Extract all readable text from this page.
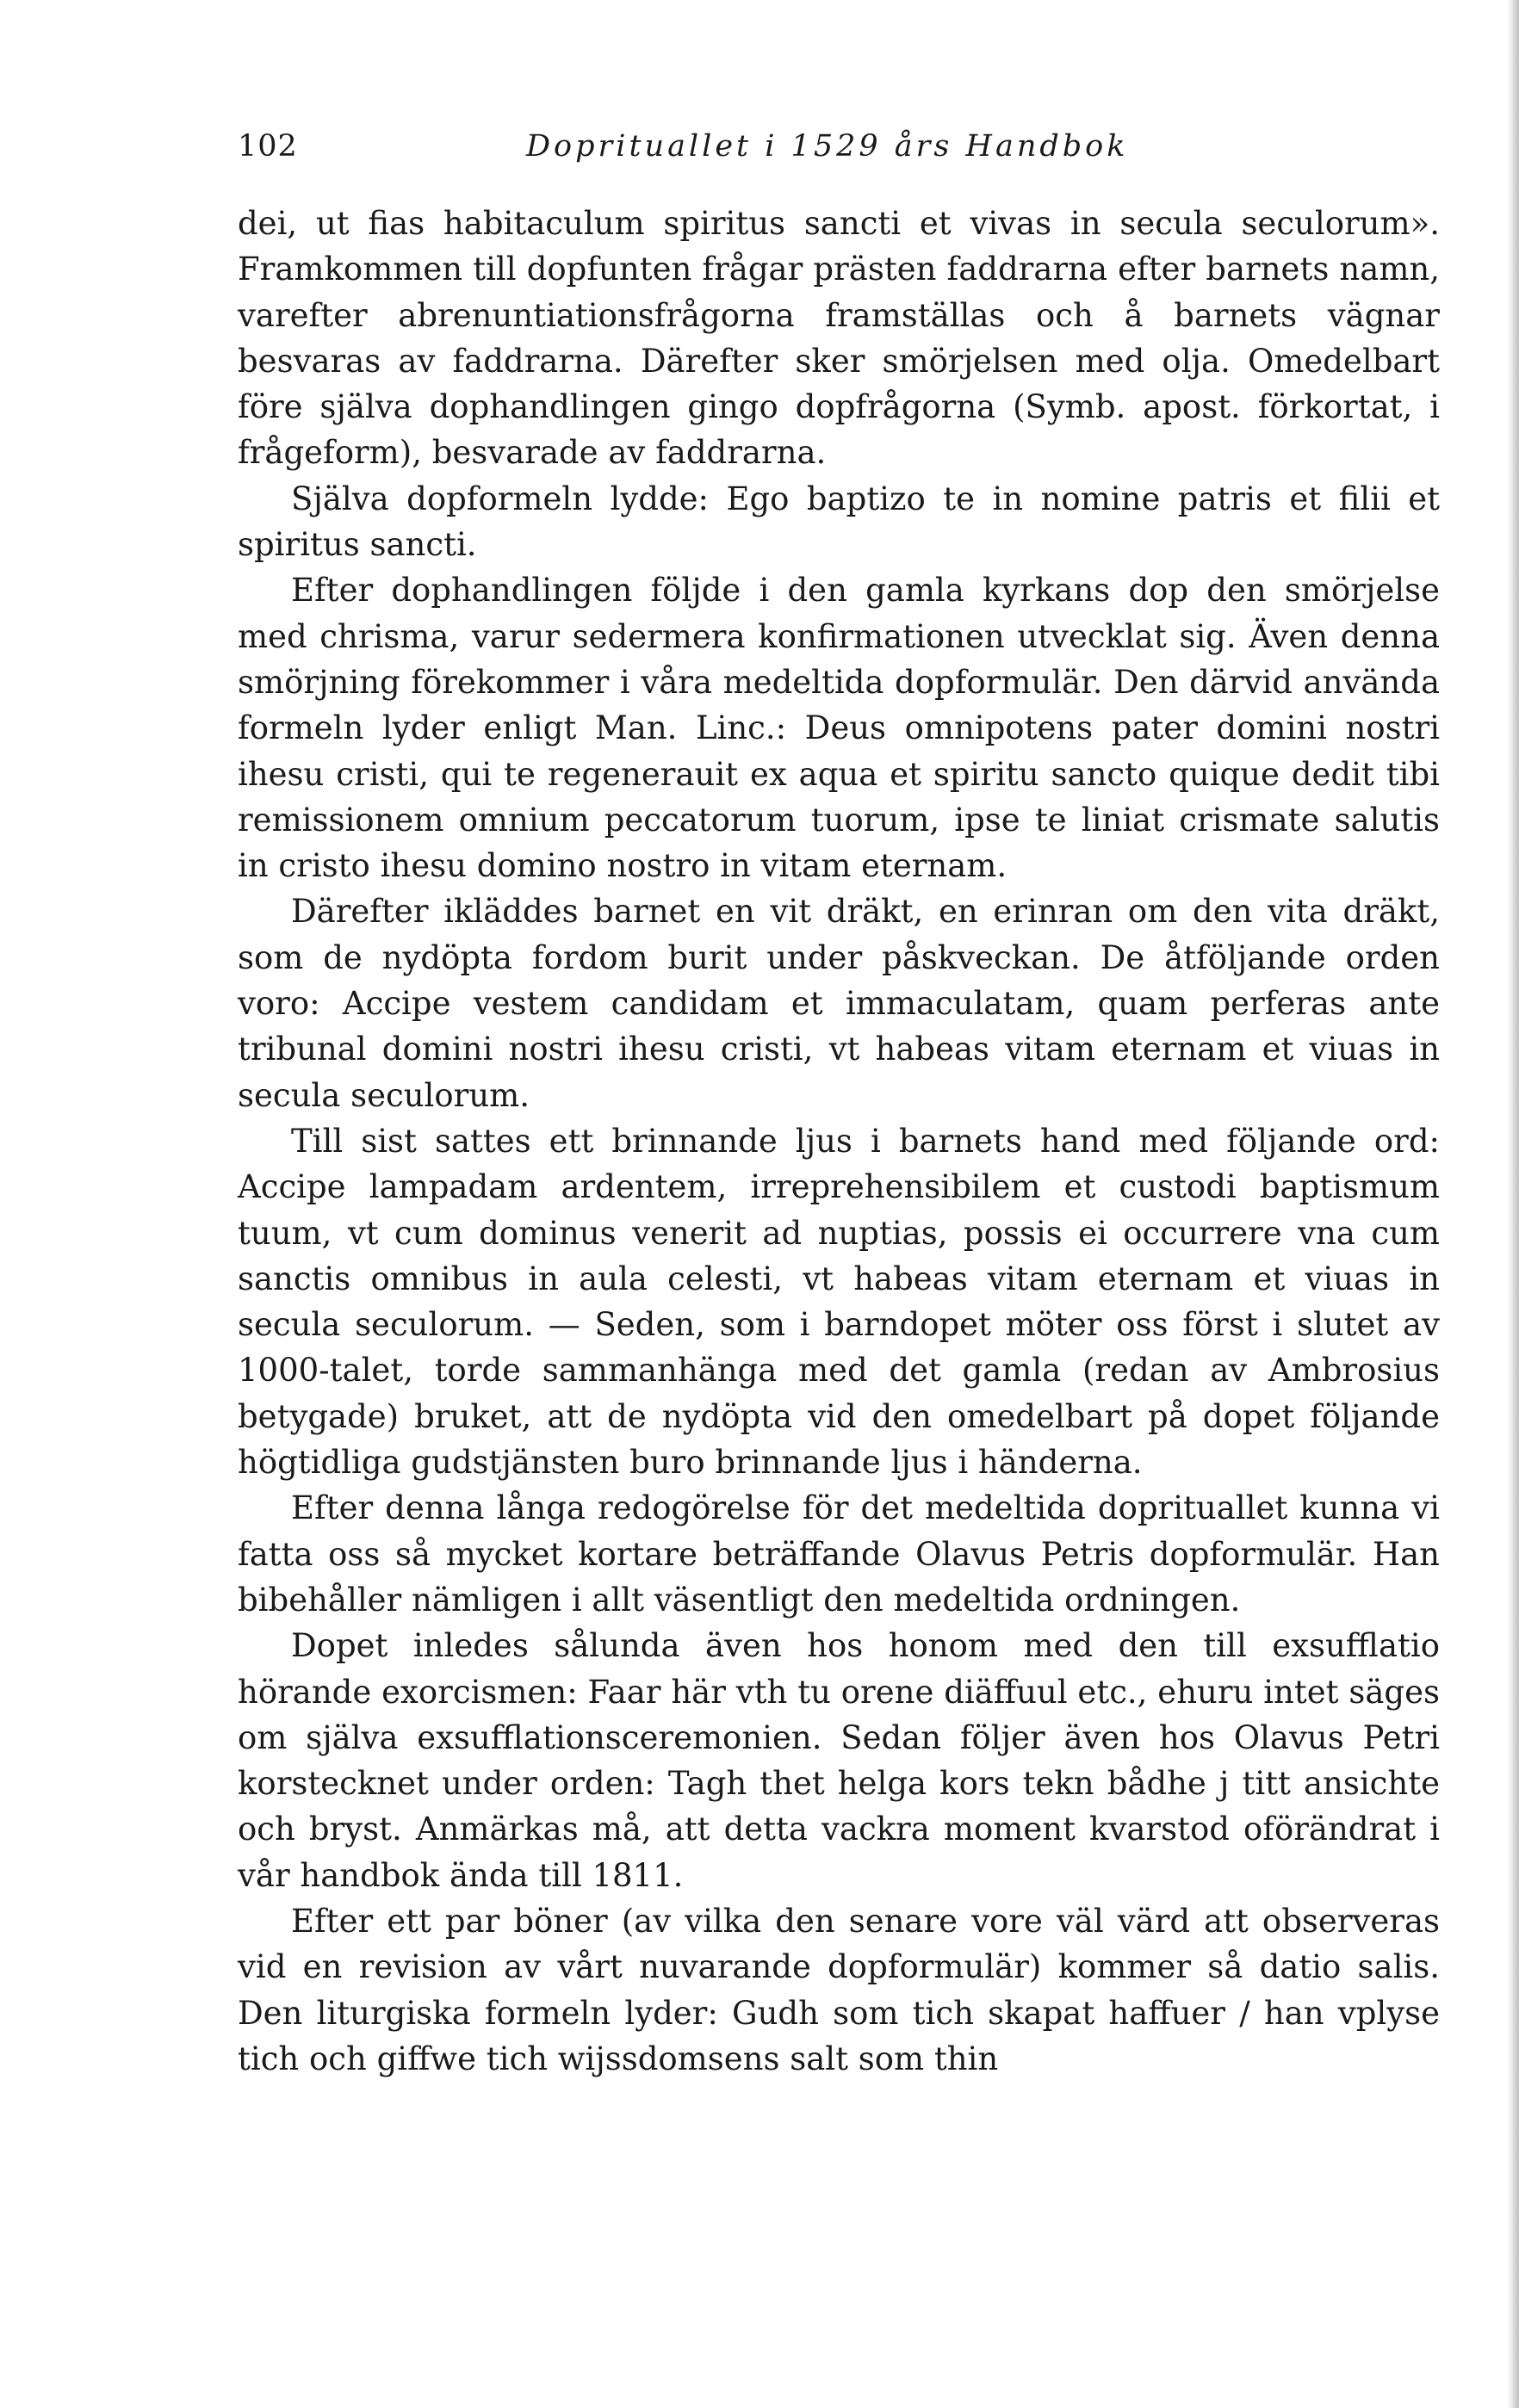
102	Doprituallet i 1529 års Handbok

dei, ut fias habitaculum spiritus sancti et vivas in secula seculorum». Framkommen till dopfunten frågar prästen faddrarna efter barnets namn, varefter abrenuntiationsfrågorna framställas och å barnets vägnar besvaras av faddrarna. Därefter sker smörjelsen med olja. Omedelbart före själva dophandlingen gingo dopfrågorna (Symb. apost. förkortat, i frågeform), besvarade av faddrarna.

Själva dopformeln lydde: Ego baptizo te in nomine patris et filii et spiritus sancti.

Efter dophandlingen följde i den gamla kyrkans dop den smörjelse med chrisma, varur sedermera konfirmationen utvecklat sig. Även denna smörjning förekommer i våra medeltida dopformulär. Den därvid använda formeln lyder enligt Man. Linc.: Deus omnipotens pater domini nostri ihesu cristi, qui te regenerauit ex aqua et spiritu sancto quique dedit tibi remissionem omnium peccatorum tuorum, ipse te liniat crismate salutis in cristo ihesu domino nostro in vitam eternam.

Därefter ikläddes barnet en vit dräkt, en erinran om den vita dräkt, som de nydöpta fordom burit under påskveckan. De åtföljande orden voro: Accipe vestem candidam et immaculatam, quam perferas ante tribunal domini nostri ihesu cristi, vt habeas vitam eternam et viuas in secula seculorum.

Till sist sattes ett brinnande ljus i barnets hand med följande ord: Accipe lampadam ardentem, irreprehensibilem et custodi baptismum tuum, vt cum dominus venerit ad nuptias, possis ei occurrere vna cum sanctis omnibus in aula celesti, vt habeas vitam eternam et viuas in secula seculorum. — Seden, som i barndopet möter oss först i slutet av 1000-talet, torde sammanhänga med det gamla (redan av Ambrosius betygade) bruket, att de nydöpta vid den omedelbart på dopet följande högtidliga gudstjänsten buro brinnande ljus i händerna.

Efter denna långa redogörelse för det medeltida doprituallet kunna vi fatta oss så mycket kortare beträffande Olavus Petris dopformulär. Han bibehåller nämligen i allt väsentligt den medeltida ordningen.

Dopet inledes sålunda även hos honom med den till exsufflatio hörande exorcismen: Faar här vth tu orene diäffuul etc., ehuru intet säges om själva exsufflationsceremonien. Sedan följer även hos Olavus Petri korstecknet under orden: Tagh thet helga kors tekn bådhe j titt ansichte och bryst. Anmärkas må, att detta vackra moment kvarstod oförändrat i vår handbok ända till 1811.

Efter ett par böner (av vilka den senare vore väl värd att observeras vid en revision av vårt nuvarande dopformulär) kommer så datio salis. Den liturgiska formeln lyder: Gudh som tich skapat haffuer / han vplyse tich och giffwe tich wijssdomsens salt som thin
